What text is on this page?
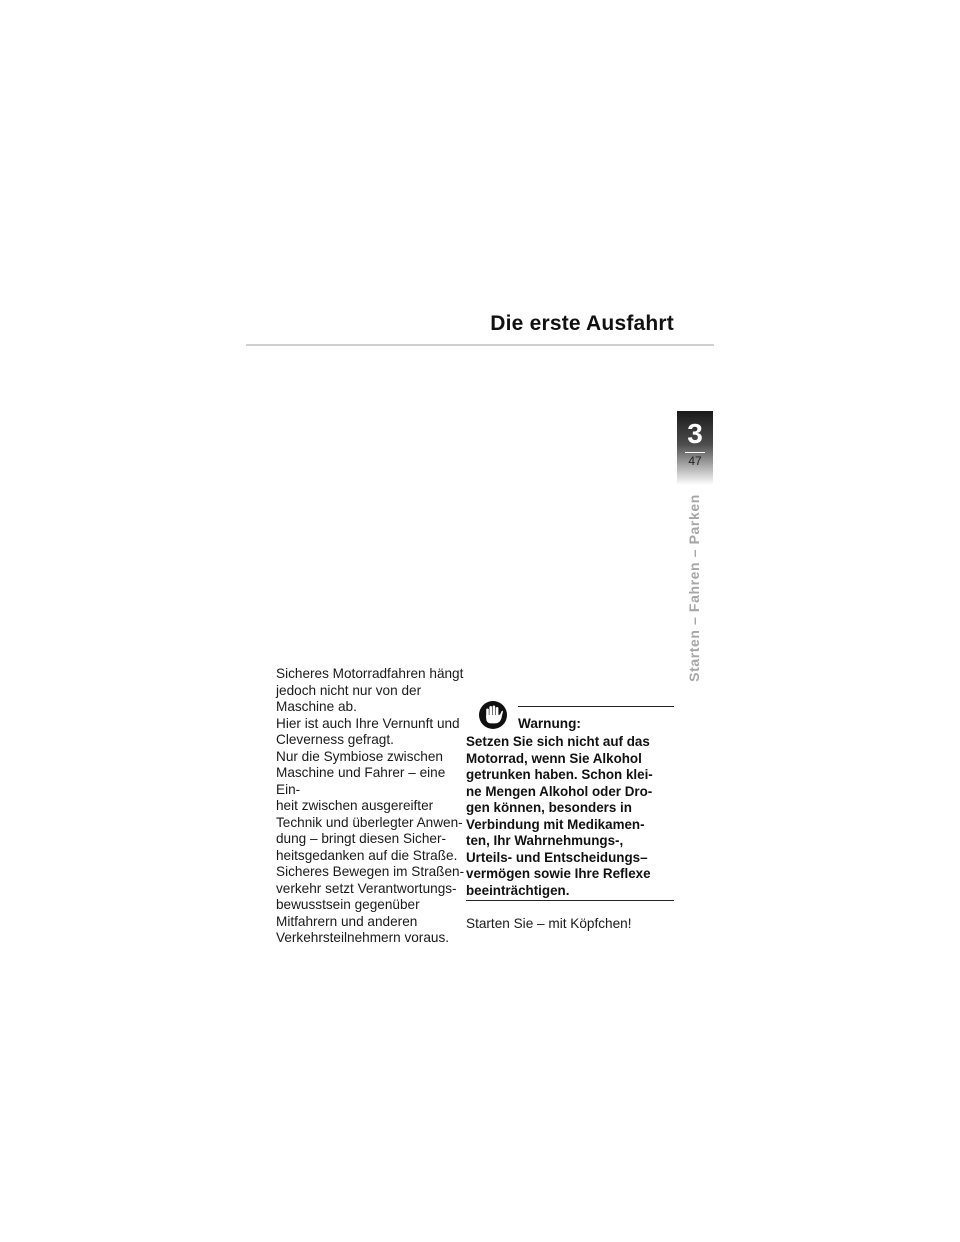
Die erste Ausfahrt
3
47
Starten – Fahren – Parken

Sicheres Motorradfahren hängt

jedoch nicht nur von der

Maschine ab.

Hier ist auch Ihre Vernunft und

Cleverness gefragt.

Nur die Symbiose zwischen

Maschine und Fahrer – eine Ein-

heit zwischen ausgereifter

Technik und überlegter Anwen-

dung – bringt diesen Sicher-

heitsgedanken auf die Straße.

Sicheres Bewegen im Straßen-

verkehr setzt Verantwortungs-

bewusstsein gegenüber

Mitfahrern und anderen

Verkehrsteilnehmern voraus.

Warnung:

Setzen Sie sich nicht auf das

Motorrad, wenn Sie Alkohol

getrunken haben. Schon klei-

ne Mengen Alkohol oder Dro-

gen können, besonders in

Verbindung mit Medikamen-

ten, Ihr Wahrnehmungs-,

Urteils- und Entscheidungs–

vermögen sowie Ihre Reflexe

beeinträchtigen.

Starten Sie – mit Köpfchen!
